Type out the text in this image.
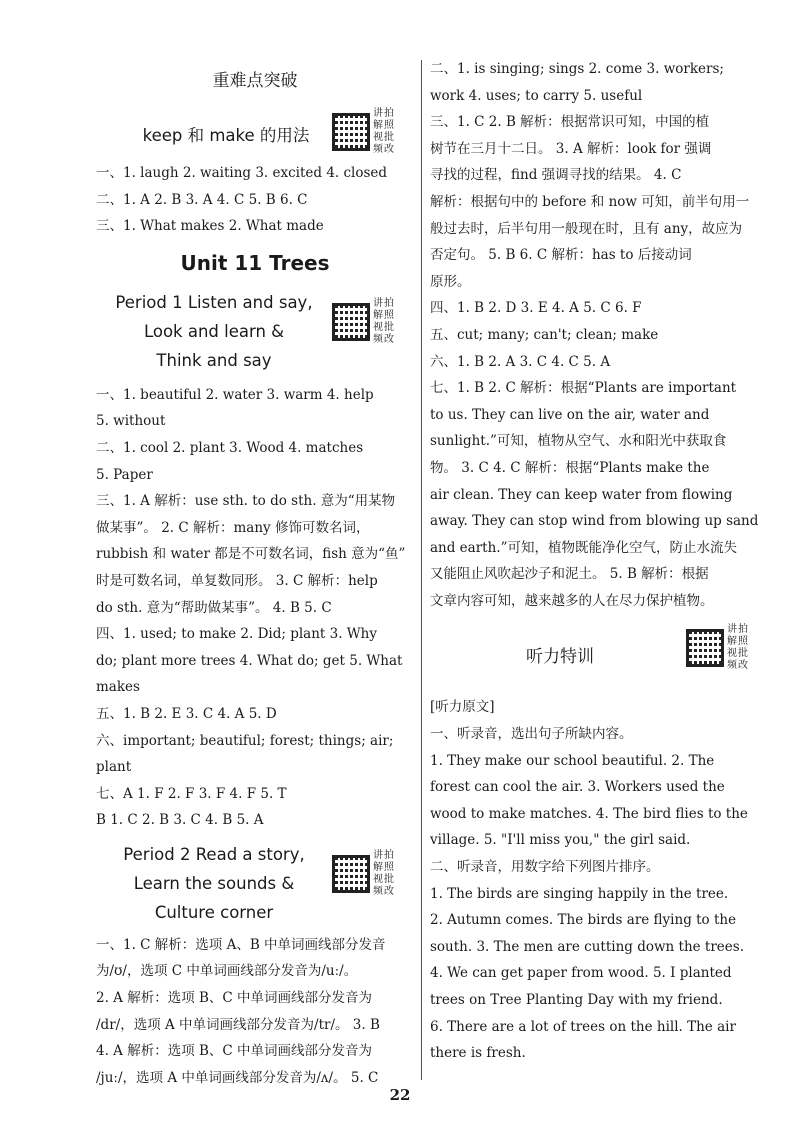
重难点突破
keep 和 make 的用法
讲拍解照视批频改
一、1. laugh 2. waiting 3. excited 4. closed
二、1. A 2. B 3. A 4. C 5. B 6. C
三、1. What makes 2. What made
Unit 11 Trees
Period 1 Listen and say,
Look and learn &
Think and say
讲拍解照视批频改
一、1. beautiful 2. water 3. warm 4. help
5. without
二、1. cool 2. plant 3. Wood 4. matches
5. Paper
三、1. A 解析：use sth. to do sth. 意为“用某物
做某事”。 2. C 解析：many 修饰可数名词，
rubbish 和 water 都是不可数名词，fish 意为“鱼”
时是可数名词，单复数同形。 3. C 解析：help
do sth. 意为“帮助做某事”。 4. B 5. C
四、1. used; to make 2. Did; plant 3. Why
do; plant more trees 4. What do; get 5. What
makes
五、1. B 2. E 3. C 4. A 5. D
六、important; beautiful; forest; things; air;
plant
七、A 1. F 2. F 3. F 4. F 5. T
B 1. C 2. B 3. C 4. B 5. A
Period 2 Read a story,
Learn the sounds &
Culture corner
讲拍解照视批频改
一、1. C 解析：选项 A、B 中单词画线部分发音
为/ʊ/，选项 C 中单词画线部分发音为/uː/。
2. A 解析：选项 B、C 中单词画线部分发音为
/dr/，选项 A 中单词画线部分发音为/tr/。 3. B
4. A 解析：选项 B、C 中单词画线部分发音为
/juː/，选项 A 中单词画线部分发音为/ʌ/。 5. C
二、1. is singing; sings 2. come 3. workers;
work 4. uses; to carry 5. useful
三、1. C 2. B 解析：根据常识可知，中国的植
树节在三月十二日。 3. A 解析：look for 强调
寻找的过程，find 强调寻找的结果。 4. C
解析：根据句中的 before 和 now 可知，前半句用一
般过去时，后半句用一般现在时，且有 any，故应为
否定句。 5. B 6. C 解析：has to 后接动词
原形。
四、1. B 2. D 3. E 4. A 5. C 6. F
五、cut; many; can't; clean; make
六、1. B 2. A 3. C 4. C 5. A
七、1. B 2. C 解析：根据“Plants are important
to us. They can live on the air, water and
sunlight.”可知，植物从空气、水和阳光中获取食
物。 3. C 4. C 解析：根据“Plants make the
air clean. They can keep water from flowing
away. They can stop wind from blowing up sand
and earth.”可知，植物既能净化空气，防止水流失
又能阻止风吹起沙子和泥土。 5. B 解析：根据
文章内容可知，越来越多的人在尽力保护植物。
听力特训
讲拍解照视批频改
[听力原文]
一、听录音，选出句子所缺内容。
1. They make our school beautiful. 2. The
forest can cool the air. 3. Workers used the
wood to make matches. 4. The bird flies to the
village. 5. "I'll miss you," the girl said.
二、听录音，用数字给下列图片排序。
1. The birds are singing happily in the tree.
2. Autumn comes. The birds are flying to the
south. 3. The men are cutting down the trees.
4. We can get paper from wood. 5. I planted
trees on Tree Planting Day with my friend.
6. There are a lot of trees on the hill. The air
there is fresh.
22
